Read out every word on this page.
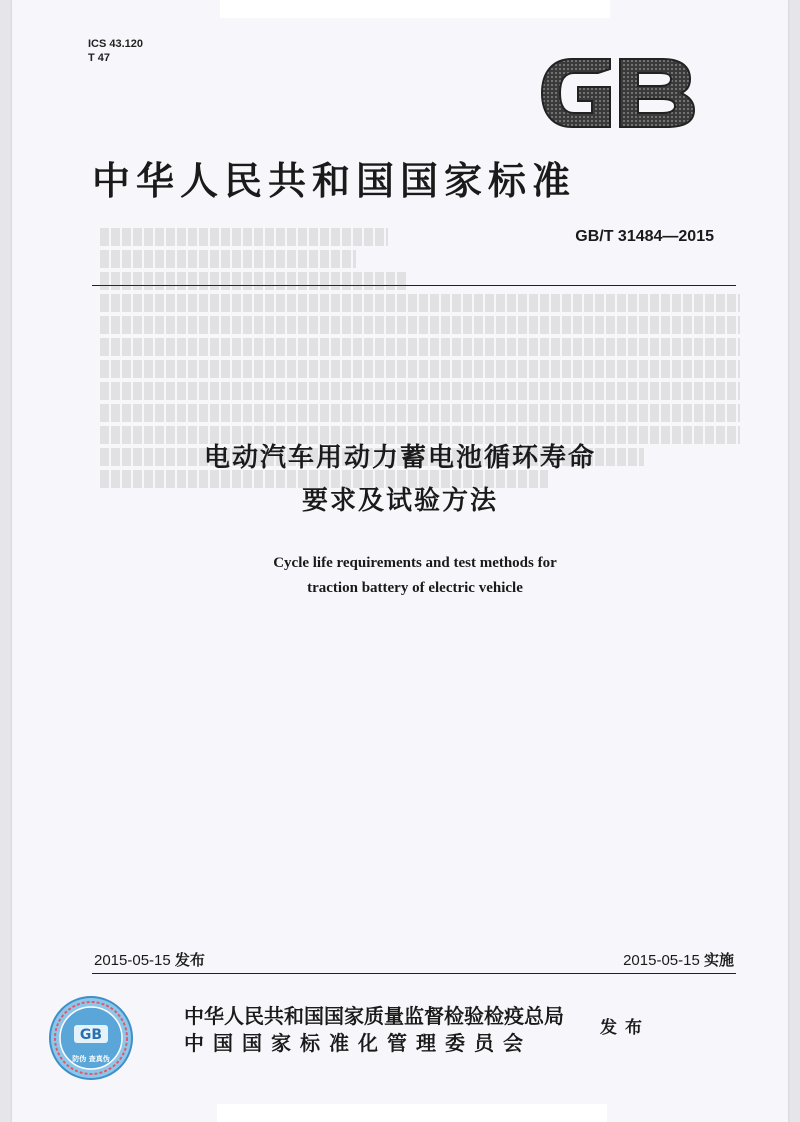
ICS 43.120
T 47
中华人民共和国国家标准
GB/T 31484—2015
电动汽车用动力蓄电池循环寿命
要求及试验方法
Cycle life requirements and test methods for
traction battery of electric vehicle
2015-05-15 发布	2015-05-15 实施
GB
防伪 查真伪
中华人民共和国国家质量监督检验检疫总局
中国国家标准化管理委员会
发布
